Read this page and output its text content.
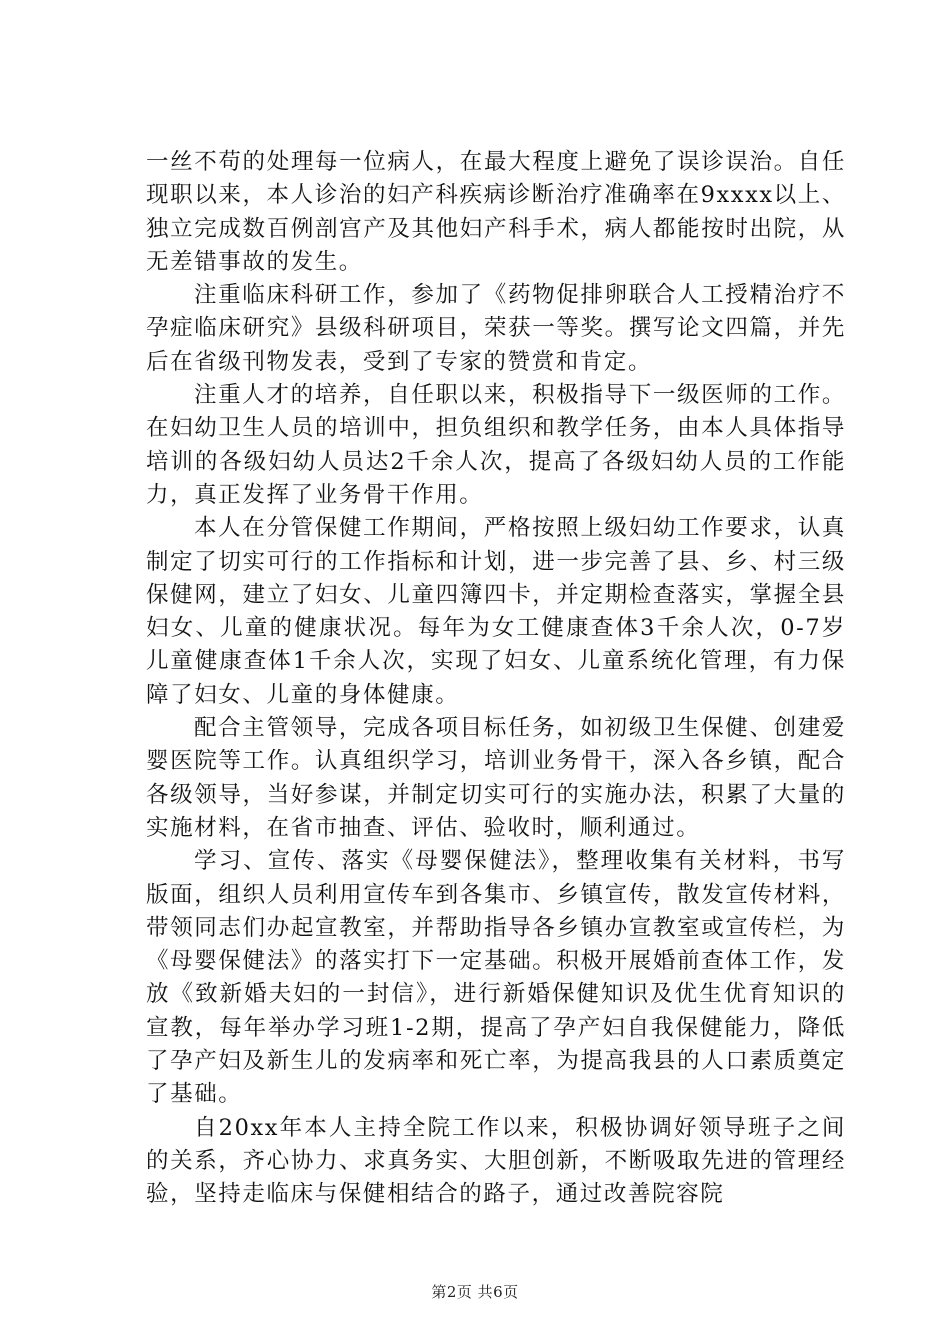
一丝不苟的处理每一位病人，在最大程度上避免了误诊误治。自任现职以来，本人诊治的妇产科疾病诊断治疗准确率在9xxxx以上、独立完成数百例剖宫产及其他妇产科手术，病人都能按时出院，从无差错事故的发生。

注重临床科研工作，参加了《药物促排卵联合人工授精治疗不孕症临床研究》县级科研项目，荣获一等奖。撰写论文四篇，并先后在省级刊物发表，受到了专家的赞赏和肯定。

注重人才的培养，自任职以来，积极指导下一级医师的工作。在妇幼卫生人员的培训中，担负组织和教学任务，由本人具体指导培训的各级妇幼人员达2千余人次，提高了各级妇幼人员的工作能力，真正发挥了业务骨干作用。

本人在分管保健工作期间，严格按照上级妇幼工作要求，认真制定了切实可行的工作指标和计划，进一步完善了县、乡、村三级保健网，建立了妇女、儿童四簿四卡，并定期检查落实，掌握全县妇女、儿童的健康状况。每年为女工健康查体3千余人次，0-7岁儿童健康查体1千余人次，实现了妇女、儿童系统化管理，有力保障了妇女、儿童的身体健康。

配合主管领导，完成各项目标任务，如初级卫生保健、创建爱婴医院等工作。认真组织学习，培训业务骨干，深入各乡镇，配合各级领导，当好参谋，并制定切实可行的实施办法，积累了大量的实施材料，在省市抽查、评估、验收时，顺利通过。

学习、宣传、落实《母婴保健法》，整理收集有关材料，书写版面，组织人员利用宣传车到各集市、乡镇宣传，散发宣传材料，带领同志们办起宣教室，并帮助指导各乡镇办宣教室或宣传栏，为《母婴保健法》的落实打下一定基础。积极开展婚前查体工作，发放《致新婚夫妇的一封信》，进行新婚保健知识及优生优育知识的宣教，每年举办学习班1-2期，提高了孕产妇自我保健能力，降低了孕产妇及新生儿的发病率和死亡率，为提高我县的人口素质奠定了基础。

自20xx年本人主持全院工作以来，积极协调好领导班子之间的关系，齐心协力、求真务实、大胆创新，不断吸取先进的管理经验，坚持走临床与保健相结合的路子，通过改善院容院

第2页 共6页
